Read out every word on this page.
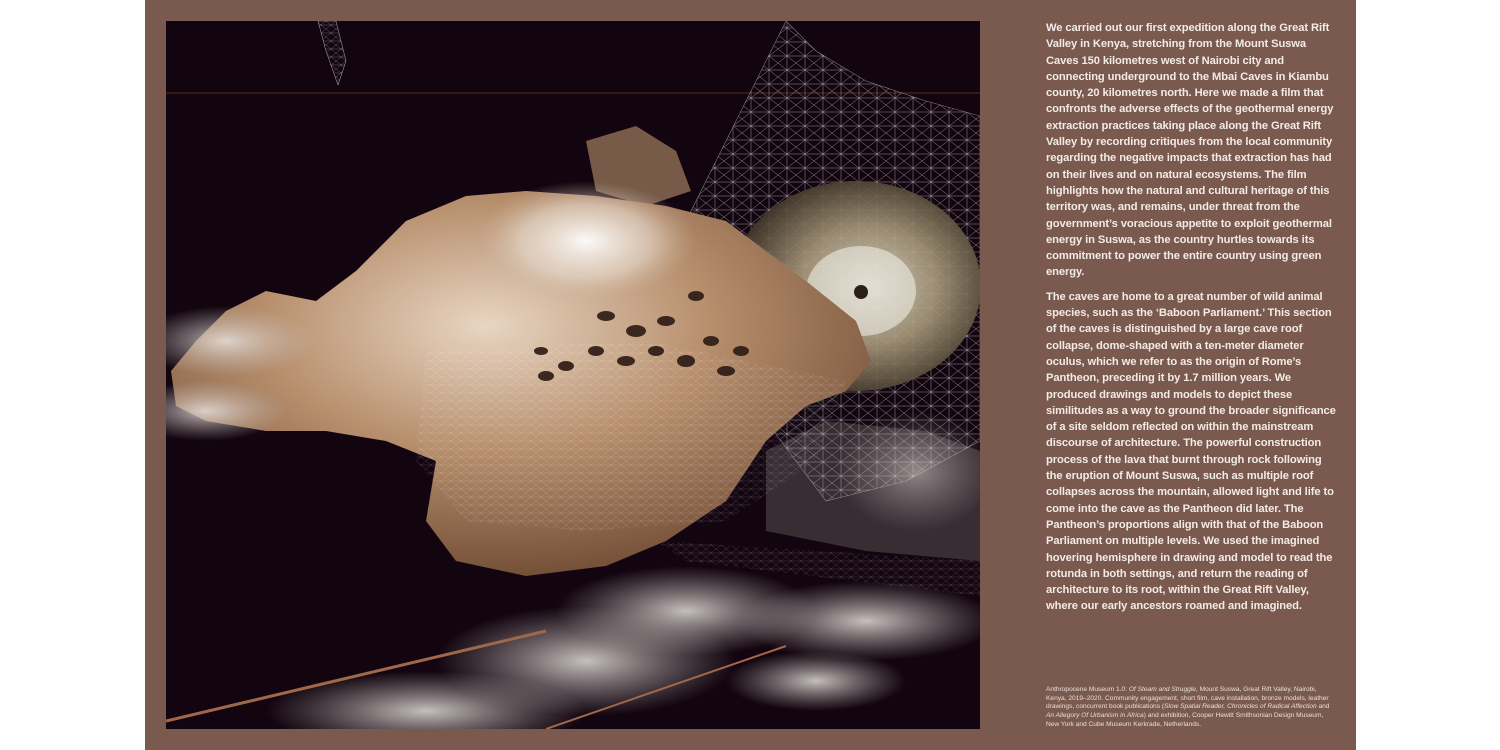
We carried out our first expedition along the Great Rift Valley in Kenya, stretching from the Mount Suswa Caves 150 kilometres west of Nairobi city and connecting underground to the Mbai Caves in Kiambu county, 20 kilometres north. Here we made a film that confronts the adverse effects of the geothermal energy extraction practices taking place along the Great Rift Valley by recording critiques from the local community regarding the negative impacts that extraction has had on their lives and on natural ecosystems. The film highlights how the natural and cultural heritage of this territory was, and remains, under threat from the government’s voracious appetite to exploit geothermal energy in Suswa, as the country hurtles towards its commitment to power the entire country using green energy.

The caves are home to a great number of wild animal species, such as the ‘Baboon Parliament.’ This section of the caves is distinguished by a large cave roof collapse, dome-shaped with a ten-meter diameter oculus, which we refer to as the origin of Rome’s Pantheon, preceding it by 1.7 million years. We produced drawings and models to depict these similitudes as a way to ground the broader significance of a site seldom reflected on within the mainstream discourse of architecture. The powerful construction process of the lava that burnt through rock following the eruption of Mount Suswa, such as multiple roof collapses across the mountain, allowed light and life to come into the cave as the Pantheon did later. The Pantheon’s proportions align with that of the Baboon Parliament on multiple levels. We used the imagined hovering hemisphere in drawing and model to read the rotunda in both settings, and return the reading of architecture to its root, within the Great Rift Valley, where our early ancestors roamed and imagined.

Anthropocene Museum 1.0: Of Steam and Struggle, Mount Suswa, Great Rift Valley, Nairobi, Kenya, 2019–2020. Community engagement, short film, cave installation, bronze models, leather drawings, concurrent book publications (Slow Spatial Reader, Chronicles of Radical Affection and An Allegory Of Urbanism in Africa) and exhibition, Cooper Hewitt Smithsonian Design Museum, New York and Cube Museum Kerkrade, Netherlands.
